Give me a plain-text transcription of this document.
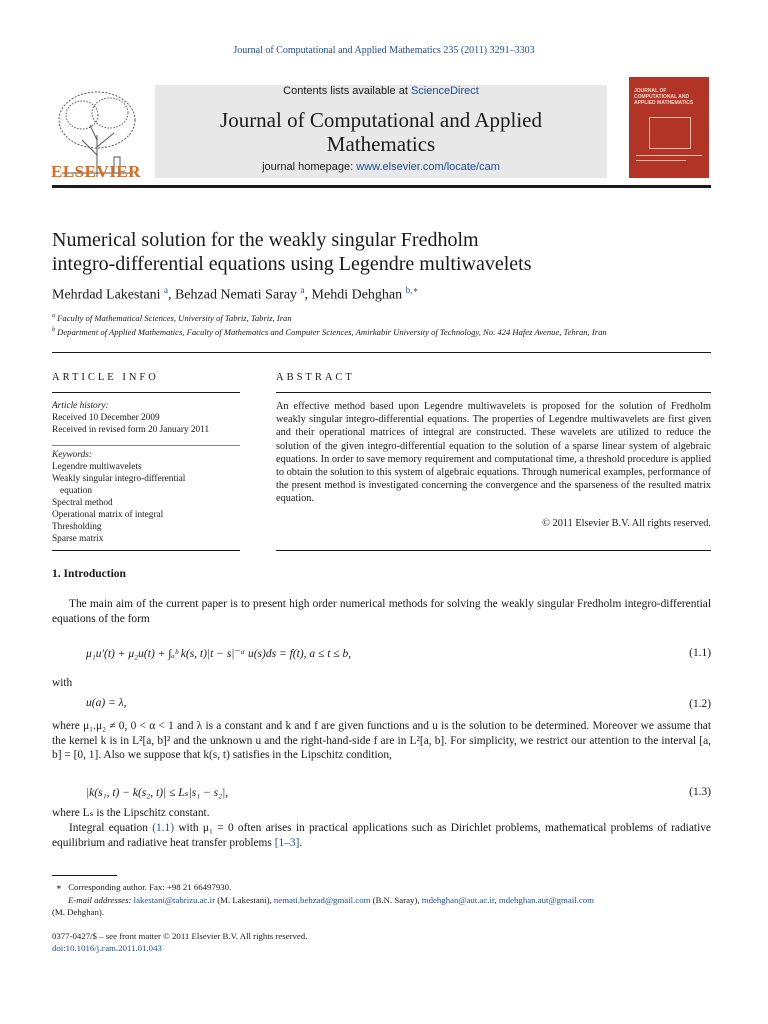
Journal of Computational and Applied Mathematics 235 (2011) 3291–3303
ELSEVIER
Contents lists available at ScienceDirect
Journal of Computational and Applied
Mathematics
journal homepage: www.elsevier.com/locate/cam
JOURNAL OF COMPUTATIONAL AND APPLIED MATHEMATICS
Numerical solution for the weakly singular Fredholm
integro-differential equations using Legendre multiwavelets
Mehrdad Lakestani $^a$, Behzad Nemati Saray $^a$, Mehdi Dehghan $^{b,∗}$
$^a$ Faculty of Mathematical Sciences, University of Tabriz, Tabriz, Iran
$^b$ Department of Applied Mathematics, Faculty of Mathematics and Computer Sciences, Amirkabir University of Technology, No. 424 Hafez Avenue, Tehran, Iran
ARTICLE INFO
Article history:
Received 10 December 2009
Received in revised form 20 January 2011
Keywords:
Legendre multiwavelets
Weakly singular integro-differential
equation
Spectral method
Operational matrix of integral
Thresholding
Sparse matrix
ABSTRACT
An effective method based upon Legendre multiwavelets is proposed for the solution of Fredholm weakly singular integro-differential equations. The properties of Legendre multiwavelets are first given and their operational matrices of integral are constructed. These wavelets are utilized to reduce the solution of the given integro-differential equation to the solution of a sparse linear system of algebraic equations. In order to save memory requirement and computational time, a threshold procedure is applied to obtain the solution to this system of algebraic equations. Through numerical examples, performance of the present method is investigated concerning the convergence and the sparseness of the resulted matrix equation.
© 2011 Elsevier B.V. All rights reserved.
1. Introduction
The main aim of the current paper is to present high order numerical methods for solving the weakly singular Fredholm integro-differential equations of the form
μ₁u′(t) + μ₂u(t) + ∫ₐᵇ k(s, t)|t − s|⁻ᵅ u(s)ds = f(t), a ≤ t ≤ b,	(1.1)
with
u(a) = λ,	(1.2)
where μ₁.μ₂ ≠ 0, 0 < α < 1 and λ is a constant and k and f are given functions and u is the solution to be determined. Moreover we assume that the kernel k is in L²[a, b]² and the unknown u and the right-hand-side f are in L²[a, b]. For simplicity, we restrict our attention to the interval [a, b] = [0, 1]. Also we suppose that k(s, t) satisfies in the Lipschitz condition,
|k(s₁, t) − k(s₂, t)| ≤ Lₛ|s₁ − s₂|,	(1.3)
where Lₛ is the Lipschitz constant.
Integral equation (1.1) with μ₁ = 0 often arises in practical applications such as Dirichlet problems, mathematical problems of radiative equilibrium and radiative heat transfer problems [1–3].
∗ Corresponding author. Fax: +98 21 66497930.
E-mail addresses: lakestani@tabrizu.ac.ir (M. Lakestani), nemati.behzad@gmail.com (B.N. Saray), mdehghan@aut.ac.ir, mdehghan.aut@gmail.com
(M. Dehghan).
0377-0427/$ – see front matter © 2011 Elsevier B.V. All rights reserved.
doi:10.1016/j.cam.2011.01.043
